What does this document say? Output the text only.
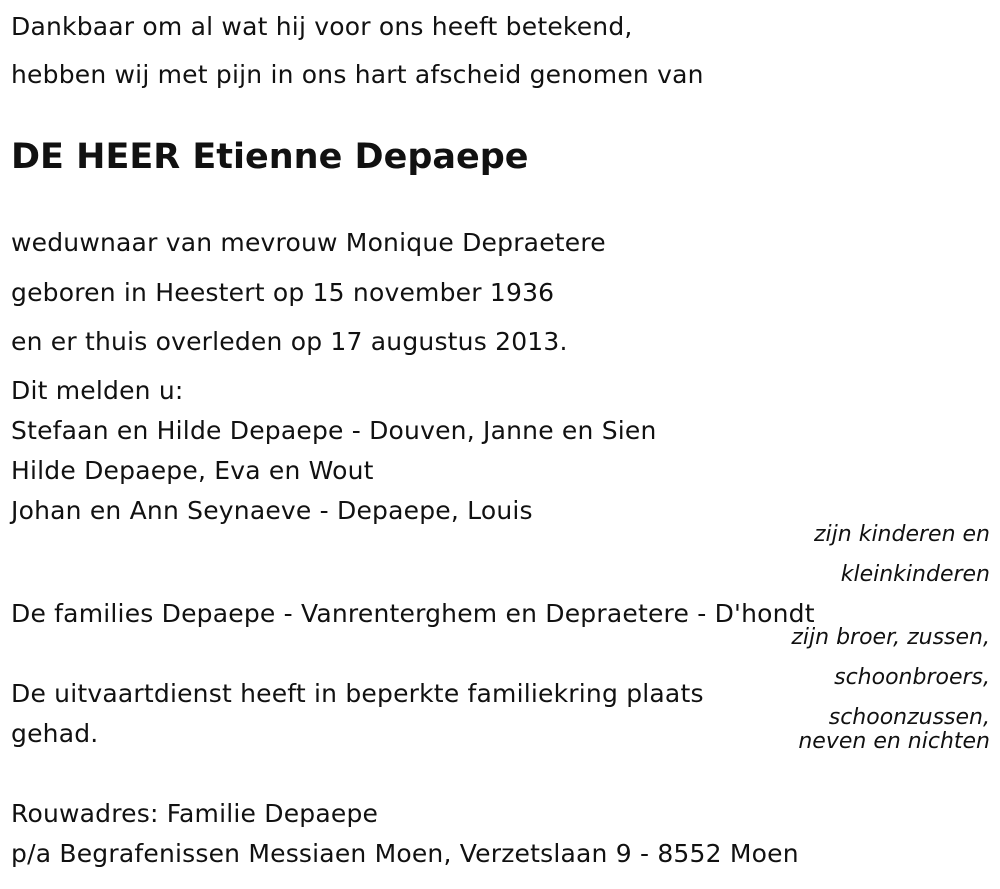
Dankbaar om al wat hij voor ons heeft betekend,
hebben wij met pijn in ons hart afscheid genomen van
DE HEER Etienne Depaepe
weduwnaar van mevrouw Monique Depraetere
geboren in Heestert op 15 november 1936
en er thuis overleden op 17 augustus 2013.
Dit melden u:
Stefaan en Hilde Depaepe - Douven, Janne en Sien
Hilde Depaepe, Eva en Wout
Johan en Ann Seynaeve - Depaepe, Louis
zijn kinderen en
kleinkinderen
De families Depaepe - Vanrenterghem en Depraetere - D'hondt
zijn broer, zussen,
schoonbroers,
schoonzussen,
neven en nichten
De uitvaartdienst heeft in beperkte familiekring plaats
gehad.
Rouwadres: Familie Depaepe
p/a Begrafenissen Messiaen Moen, Verzetslaan 9 - 8552 Moen
